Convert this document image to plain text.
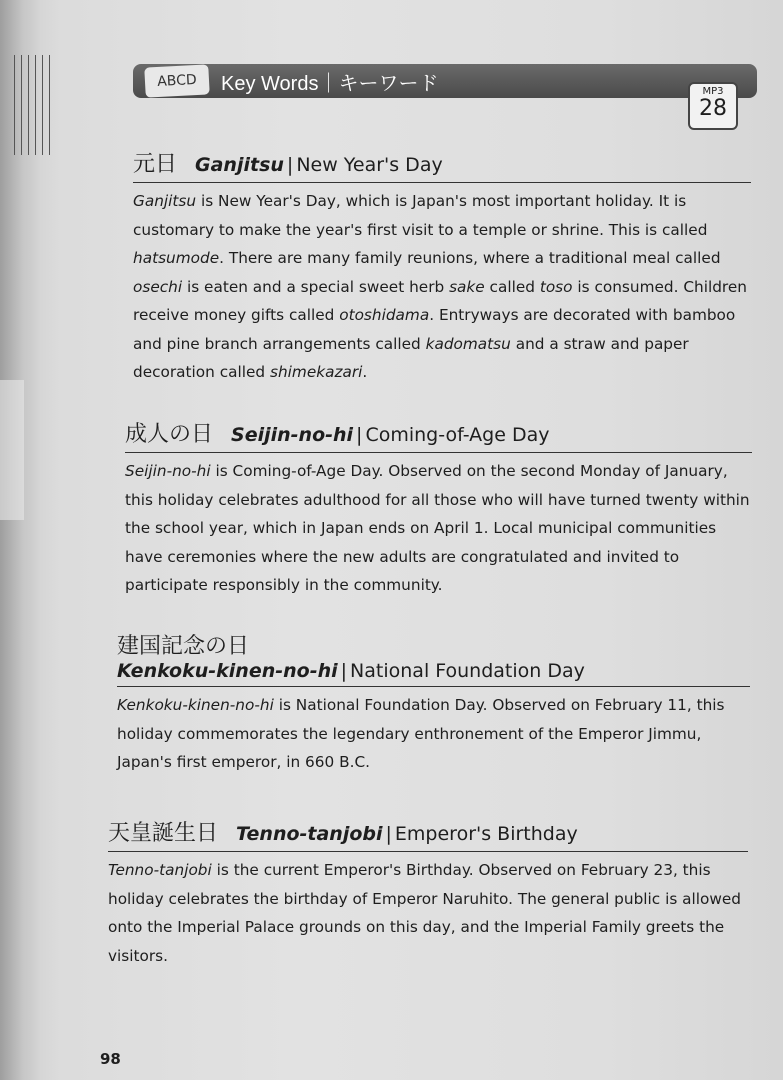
ABCD Key Words｜キーワード	MP3
28
元日 Ganjitsu | New Year's Day
Ganjitsu is New Year's Day, which is Japan's most important holiday. It is customary to make the year's first visit to a temple or shrine. This is called hatsumode. There are many family reunions, where a traditional meal called osechi is eaten and a special sweet herb sake called toso is consumed. Children receive money gifts called otoshidama. Entryways are decorated with bamboo and pine branch arrangements called kadomatsu and a straw and paper decoration called shimekazari.
成人の日 Seijin-no-hi | Coming-of-Age Day
Seijin-no-hi is Coming-of-Age Day. Observed on the second Monday of January, this holiday celebrates adulthood for all those who will have turned twenty within the school year, which in Japan ends on April 1. Local municipal communities have ceremonies where the new adults are congratulated and invited to participate responsibly in the community.
建国記念の日
Kenkoku-kinen-no-hi | National Foundation Day
Kenkoku-kinen-no-hi is National Foundation Day. Observed on February 11, this holiday commemorates the legendary enthronement of the Emperor Jimmu, Japan's first emperor, in 660 B.C.
天皇誕生日 Tenno-tanjobi | Emperor's Birthday
Tenno-tanjobi is the current Emperor's Birthday. Observed on February 23, this holiday celebrates the birthday of Emperor Naruhito. The general public is allowed onto the Imperial Palace grounds on this day, and the Imperial Family greets the visitors.
98
